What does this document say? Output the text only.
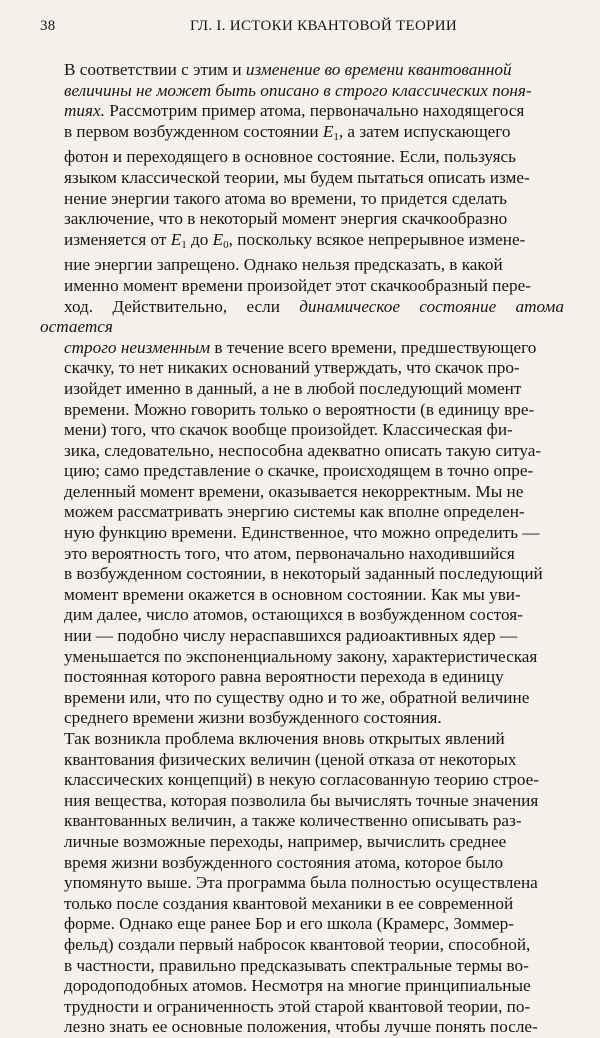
38	ГЛ. I. ИСТОКИ КВАНТОВОЙ ТЕОРИИ

В соответствии с этим и изменение во времени квантованной
величины не может быть описано в строго классических поня-
тиях. Рассмотрим пример атома, первоначально находящегося
в первом возбужденном состоянии $E_1$, а затем испускающего
фотон и переходящего в основное состояние. Если, пользуясь
языком классической теории, мы будем пытаться описать изме-
нение энергии такого атома во времени, то придется сделать
заключение, что в некоторый момент энергия скачкообразно
изменяется от $E_1$ до $E_0$, поскольку всякое непрерывное измене-
ние энергии запрещено. Однако нельзя предсказать, в какой
именно момент времени произойдет этот скачкообразный пере-
ход. Действительно, если динамическое состояние атома остается
строго неизменным в течение всего времени, предшествующего
скачку, то нет никаких оснований утверждать, что скачок про-
изойдет именно в данный, а не в любой последующий момент
времени. Можно говорить только о вероятности (в единицу вре-
мени) того, что скачок вообще произойдет. Классическая фи-
зика, следовательно, неспособна адекватно описать такую ситуа-
цию; само представление о скачке, происходящем в точно опре-
деленный момент времени, оказывается некорректным. Мы не
можем рассматривать энергию системы как вполне определен-
ную функцию времени. Единственное, что можно определить —
это вероятность того, что атом, первоначально находившийся
в возбужденном состоянии, в некоторый заданный последующий
момент времени окажется в основном состоянии. Как мы уви-
дим далее, число атомов, остающихся в возбужденном состоя-
нии — подобно числу нераспавшихся радиоактивных ядер —
уменьшается по экспоненциальному закону, характеристическая
постоянная которого равна вероятности перехода в единицу
времени или, что по существу одно и то же, обратной величине
среднего времени жизни возбужденного состояния.

Так возникла проблема включения вновь открытых явлений
квантования физических величин (ценой отказа от некоторых
классических концепций) в некую согласованную теорию строе-
ния вещества, которая позволила бы вычислять точные значения
квантованных величин, а также количественно описывать раз-
личные возможные переходы, например, вычислить среднее
время жизни возбужденного состояния атома, которое было
упомянуто выше. Эта программа была полностью осуществлена
только после создания квантовой механики в ее современной
форме. Однако еще ранее Бор и его школа (Крамерс, Зоммер-
фельд) создали первый набросок квантовой теории, способной,
в частности, правильно предсказывать спектральные термы во-
дородоподобных атомов. Несмотря на многие принципиальные
трудности и ограниченность этой старой квантовой теории, по-
лезно знать ее основные положения, чтобы лучше понять после-
